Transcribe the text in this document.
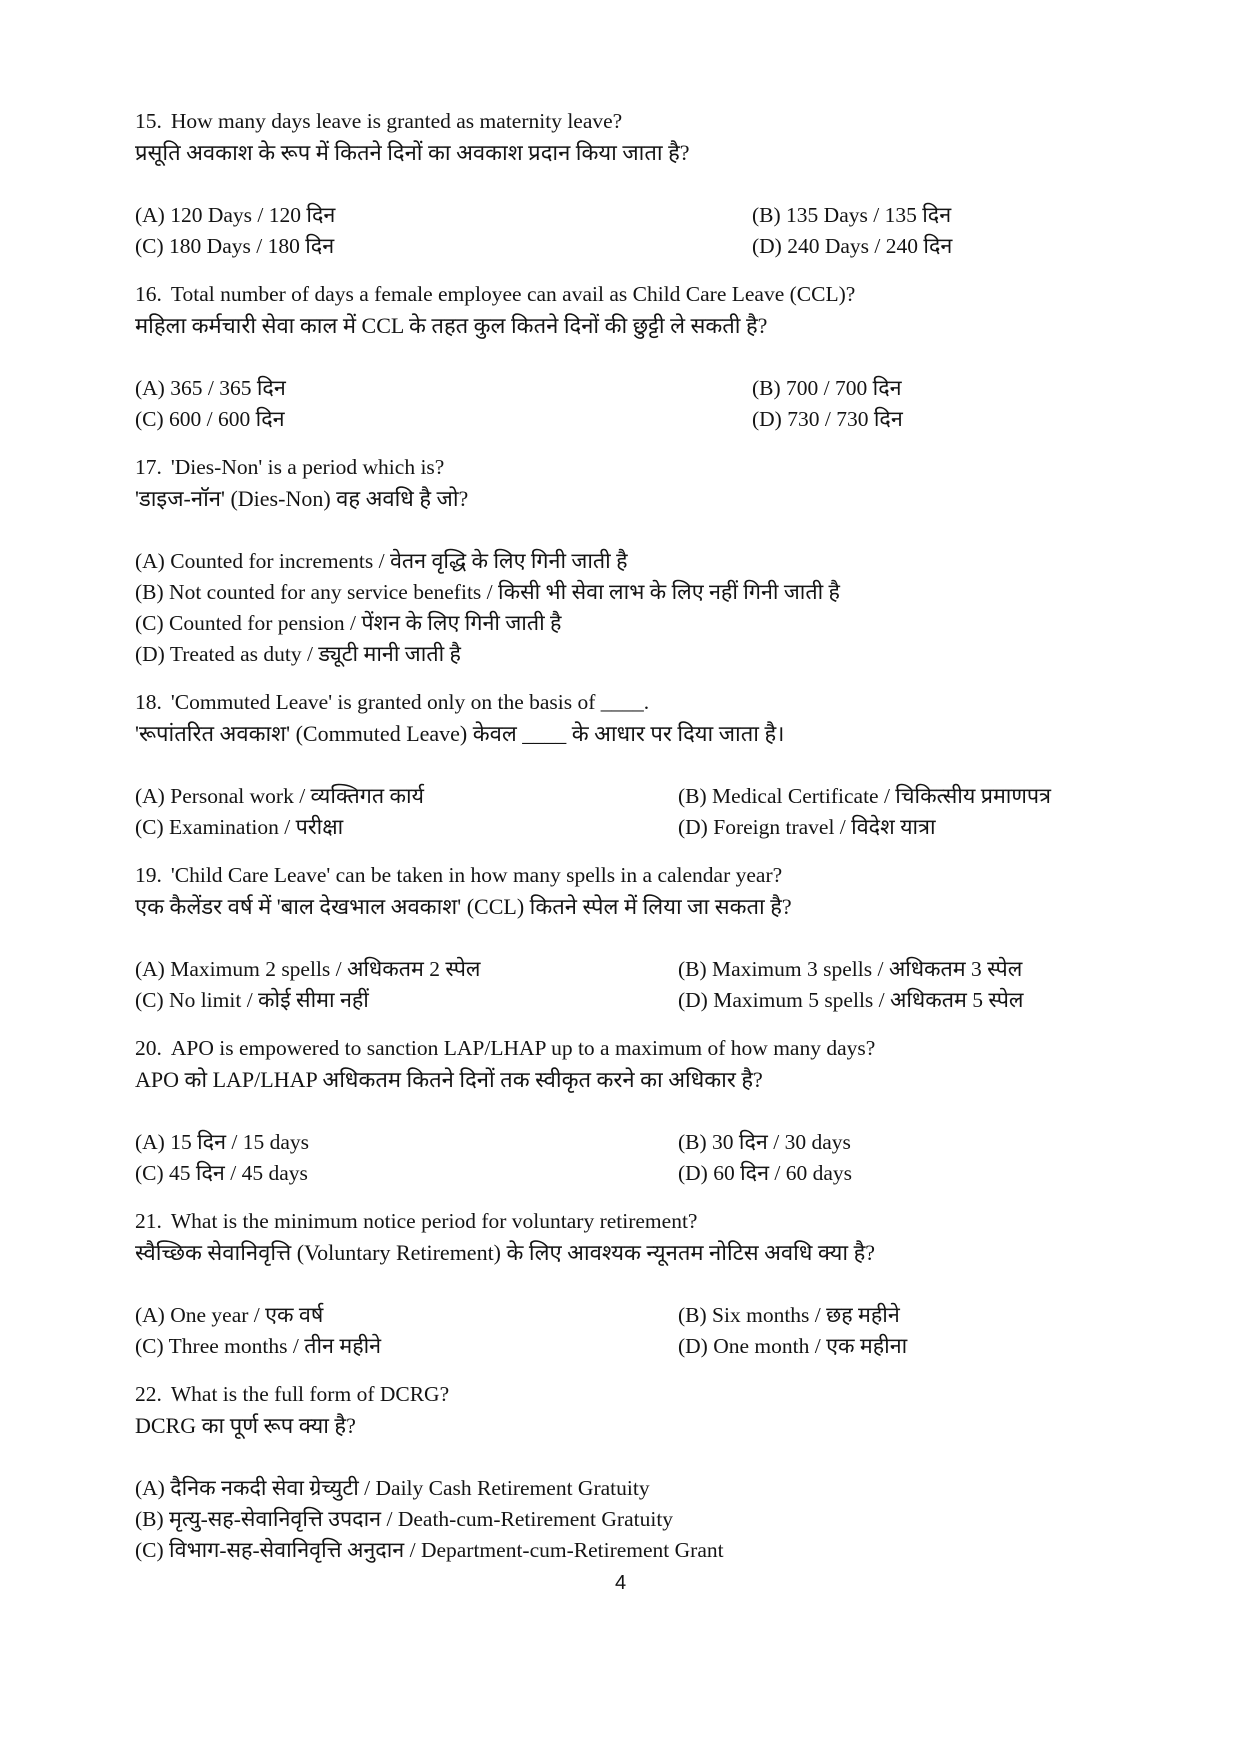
15. How many days leave is granted as maternity leave?
प्रसूति अवकाश के रूप में कितने दिनों का अवकाश प्रदान किया जाता है?
(A) 120 Days / 120 दिन	(B) 135 Days / 135 दिन
(C) 180 Days / 180 दिन	(D) 240 Days / 240 दिन
16. Total number of days a female employee can avail as Child Care Leave (CCL)?
महिला कर्मचारी सेवा काल में CCL के तहत कुल कितने दिनों की छुट्टी ले सकती है?
(A) 365 / 365 दिन	(B) 700 / 700 दिन
(C) 600 / 600 दिन	(D) 730 / 730 दिन
17. 'Dies-Non' is a period which is?
'डाइज-नॉन' (Dies-Non) वह अवधि है जो?
(A) Counted for increments / वेतन वृद्धि के लिए गिनी जाती है
(B) Not counted for any service benefits / किसी भी सेवा लाभ के लिए नहीं गिनी जाती है
(C) Counted for pension / पेंशन के लिए गिनी जाती है
(D) Treated as duty / ड्यूटी मानी जाती है
18. 'Commuted Leave' is granted only on the basis of ____.
'रूपांतरित अवकाश' (Commuted Leave) केवल ____ के आधार पर दिया जाता है।
(A) Personal work / व्यक्तिगत कार्य	(B) Medical Certificate / चिकित्सीय प्रमाणपत्र
(C) Examination / परीक्षा	(D) Foreign travel / विदेश यात्रा
19. 'Child Care Leave' can be taken in how many spells in a calendar year?
एक कैलेंडर वर्ष में 'बाल देखभाल अवकाश' (CCL) कितने स्पेल में लिया जा सकता है?
(A) Maximum 2 spells / अधिकतम 2 स्पेल	(B) Maximum 3 spells / अधिकतम 3 स्पेल
(C) No limit / कोई सीमा नहीं	(D) Maximum 5 spells / अधिकतम 5 स्पेल
20. APO is empowered to sanction LAP/LHAP up to a maximum of how many days?
APO को LAP/LHAP अधिकतम कितने दिनों तक स्वीकृत करने का अधिकार है?
(A) 15 दिन / 15 days	(B) 30 दिन / 30 days
(C) 45 दिन / 45 days	(D) 60 दिन / 60 days
21. What is the minimum notice period for voluntary retirement?
स्वैच्छिक सेवानिवृत्ति (Voluntary Retirement) के लिए आवश्यक न्यूनतम नोटिस अवधि क्या है?
(A) One year / एक वर्ष	(B) Six months / छह महीने
(C) Three months / तीन महीने	(D) One month / एक महीना
22. What is the full form of DCRG?
DCRG का पूर्ण रूप क्या है?
(A) दैनिक नकदी सेवा ग्रेच्युटी / Daily Cash Retirement Gratuity
(B) मृत्यु-सह-सेवानिवृत्ति उपदान / Death-cum-Retirement Gratuity
(C) विभाग-सह-सेवानिवृत्ति अनुदान / Department-cum-Retirement Grant
4
